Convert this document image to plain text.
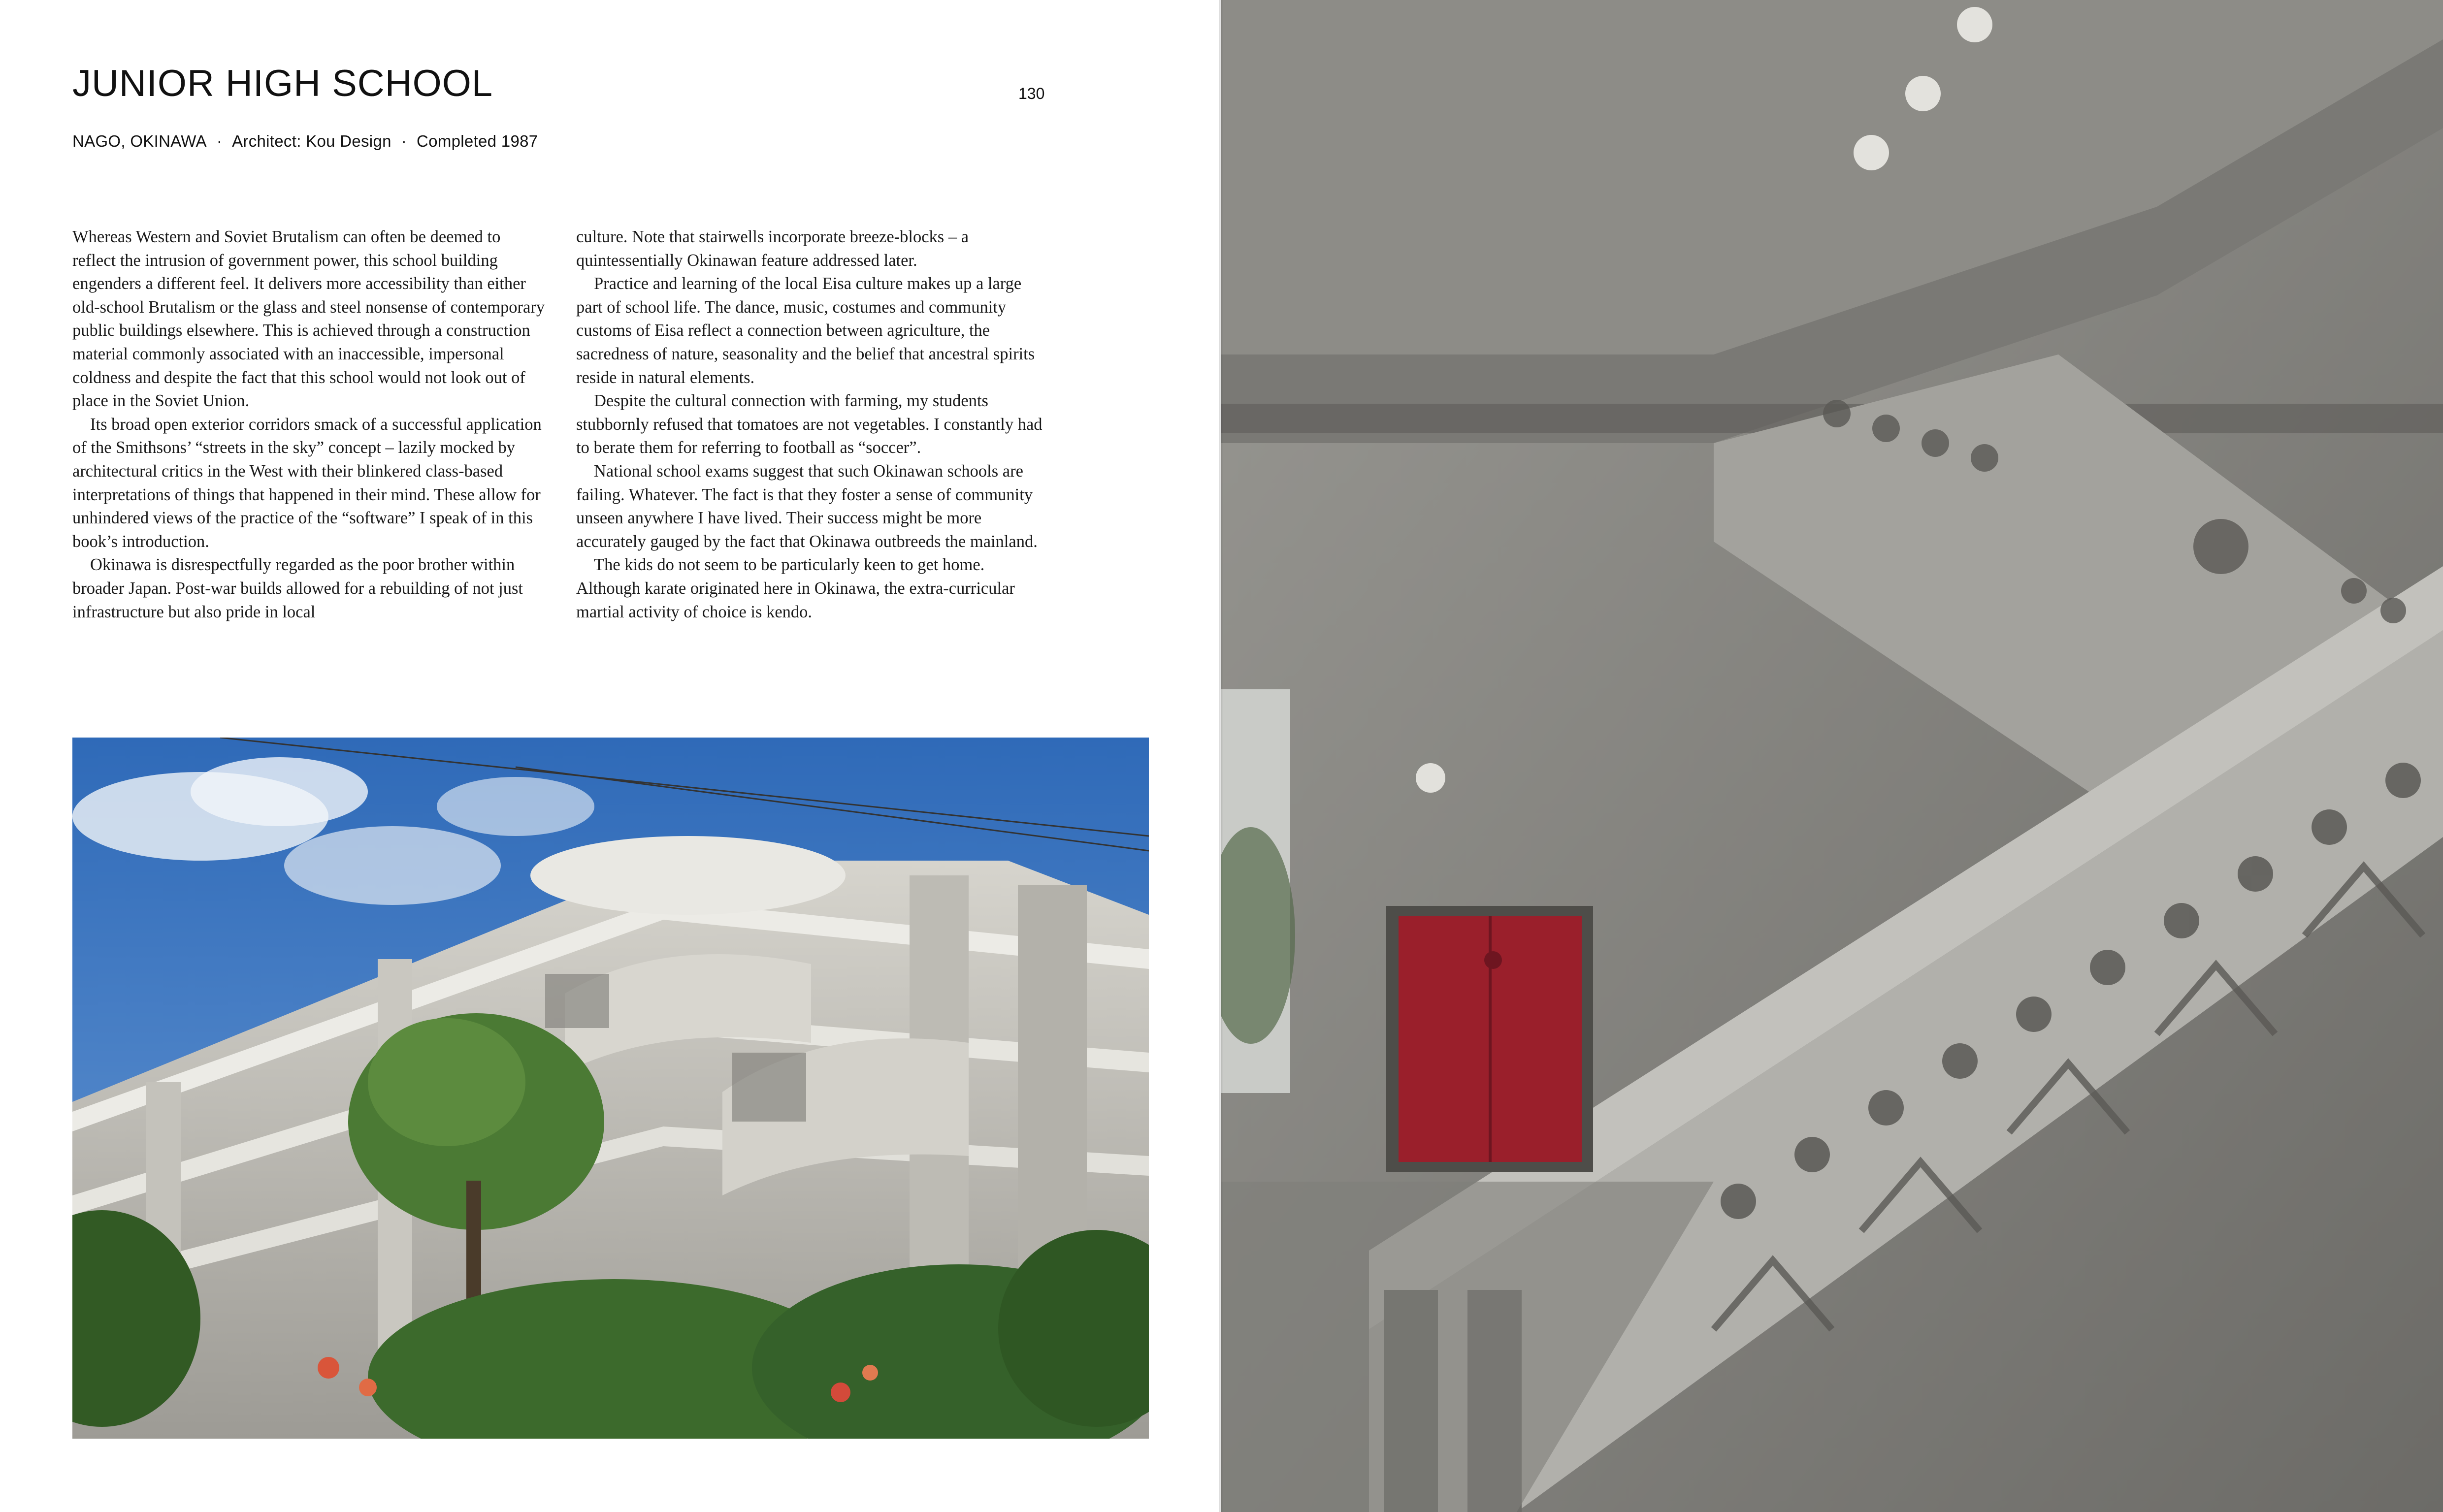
JUNIOR HIGH SCHOOL	130
NAGO, OKINAWA · Architect: Kou Design · Completed 1987

Whereas Western and Soviet Brutalism can often be deemed to reflect the intrusion of government power, this school building engenders a different feel. It delivers more accessibility than either old-school Brutalism or the glass and steel nonsense of contemporary public buildings elsewhere. This is achieved through a construction material commonly associated with an inaccessible, impersonal coldness and despite the fact that this school would not look out of place in the Soviet Union.

Its broad open exterior corridors smack of a successful application of the Smithsons’ “streets in the sky” concept – lazily mocked by architectural critics in the West with their blinkered class-based interpretations of things that happened in their mind. These allow for unhindered views of the practice of the “software” I speak of in this book’s introduction.

Okinawa is disrespectfully regarded as the poor brother within broader Japan. Post-war builds allowed for a rebuilding of not just infrastructure but also pride in local

culture. Note that stairwells incorporate breeze-blocks – a quintessentially Okinawan feature addressed later.

Practice and learning of the local Eisa culture makes up a large part of school life. The dance, music, costumes and community customs of Eisa reflect a connection between agriculture, the sacredness of nature, seasonality and the belief that ancestral spirits reside in natural elements.

Despite the cultural connection with farming, my students stubbornly refused that tomatoes are not vegetables. I constantly had to berate them for referring to football as “soccer”.

National school exams suggest that such Okinawan schools are failing. Whatever. The fact is that they foster a sense of community unseen anywhere I have lived. Their success might be more accurately gauged by the fact that Okinawa outbreeds the mainland.

The kids do not seem to be particularly keen to get home. Although karate originated here in Okinawa, the extra-curricular martial activity of choice is kendo.
